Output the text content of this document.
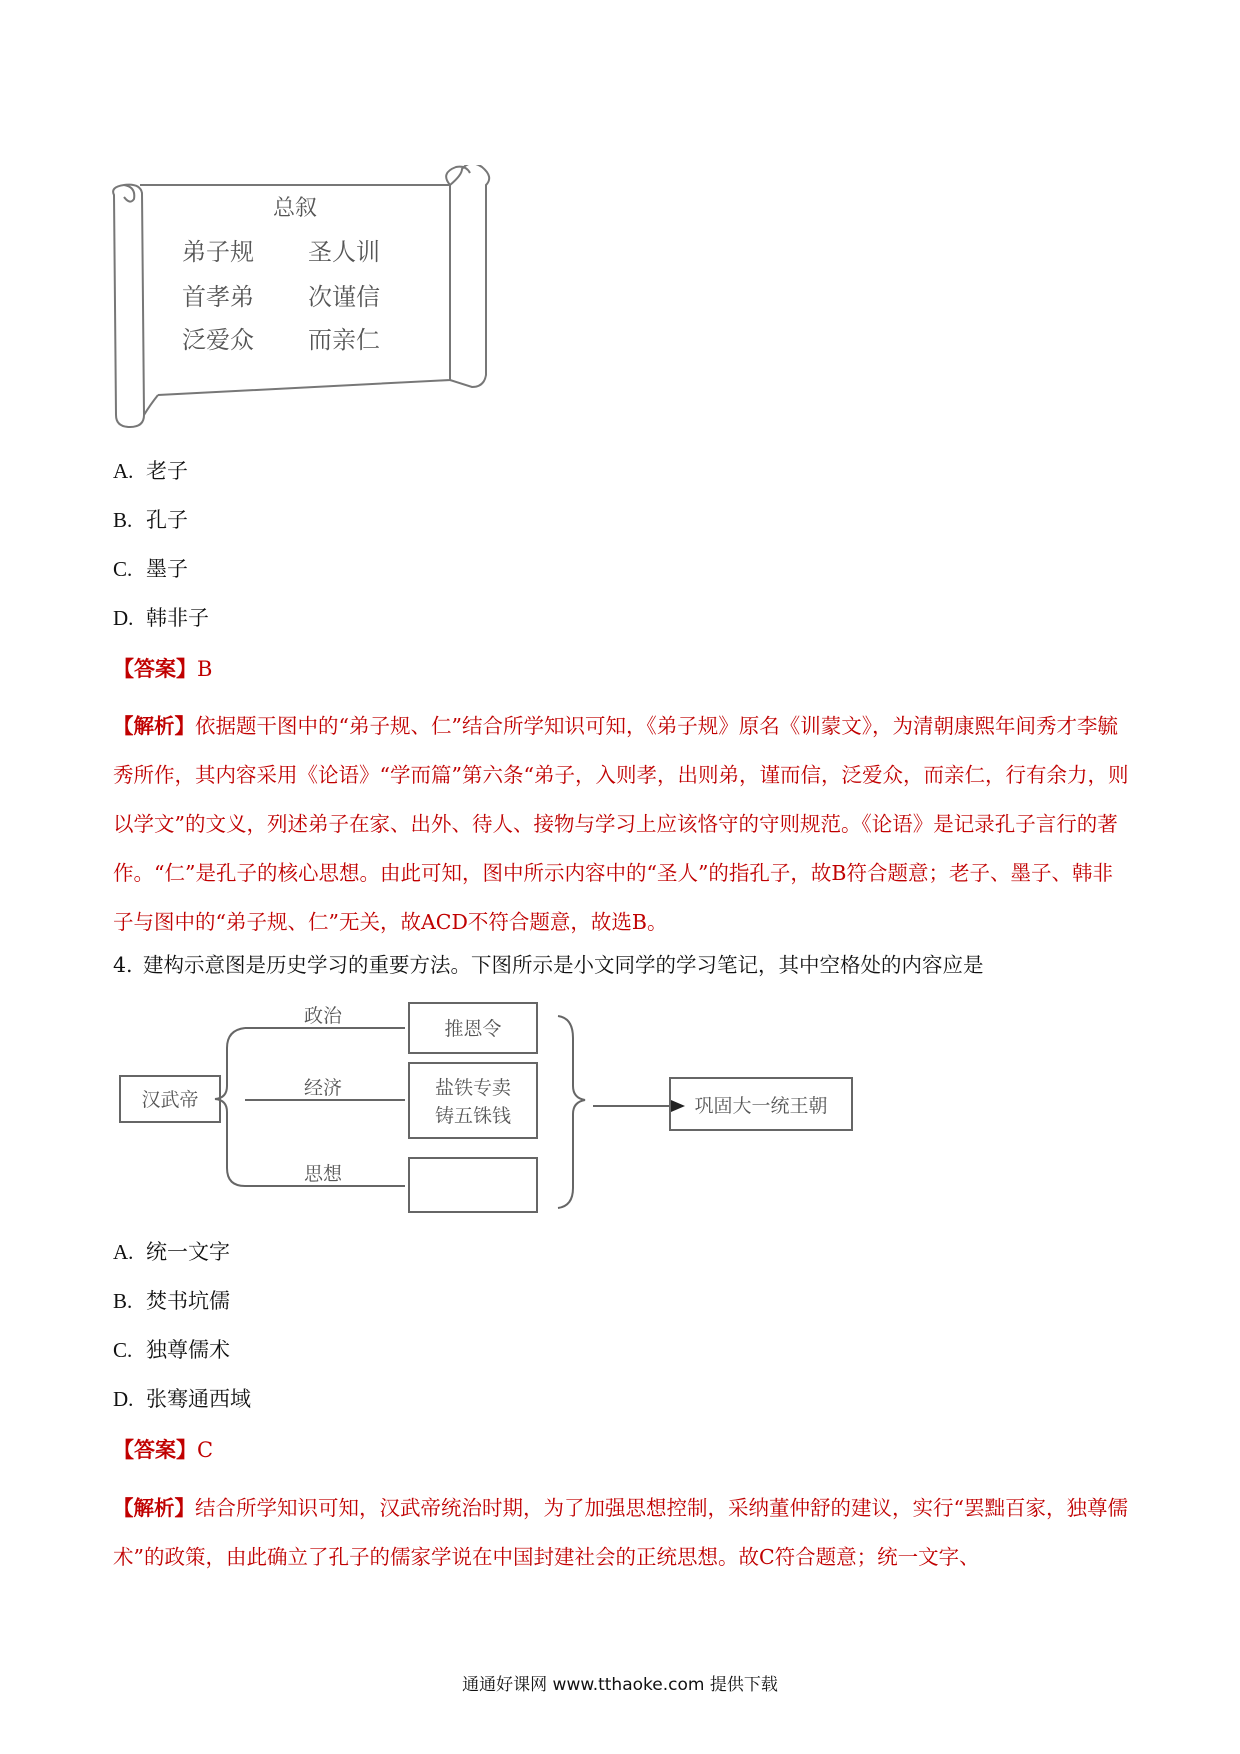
总叙
弟子规 圣人训
首孝弟 次谨信
泛爱众 而亲仁
A. 老子
B. 孔子
C. 墨子
D. 韩非子
【答案】B
【解析】依据题干图中的“弟子规、仁”结合所学知识可知，《弟子规》原名《训蒙文》，为清朝康熙年间秀才李毓秀所作，其内容采用《论语》“学而篇”第六条“弟子，入则孝，出则弟，谨而信，泛爱众，而亲仁，行有余力，则以学文”的文义，列述弟子在家、出外、待人、接物与学习上应该恪守的守则规范。《论语》是记录孔子言行的著作。“仁”是孔子的核心思想。由此可知，图中所示内容中的“圣人”的指孔子，故B符合题意；老子、墨子、韩非子与图中的“弟子规、仁”无关，故ACD不符合题意，故选B。
4. 建构示意图是历史学习的重要方法。下图所示是小文同学的学习笔记，其中空格处的内容应是
汉武帝
政治
经济
思想
推恩令
盐铁专卖
铸五铢钱	巩固大一统王朝
A. 统一文字
B. 焚书坑儒
C. 独尊儒术
D. 张骞通西域
【答案】C
【解析】结合所学知识可知，汉武帝统治时期，为了加强思想控制，采纳董仲舒的建议，实行“罢黜百家，独尊儒术”的政策，由此确立了孔子的儒家学说在中国封建社会的正统思想。故C符合题意；统一文字、
通通好课网 www.tthaoke.com 提供下载
